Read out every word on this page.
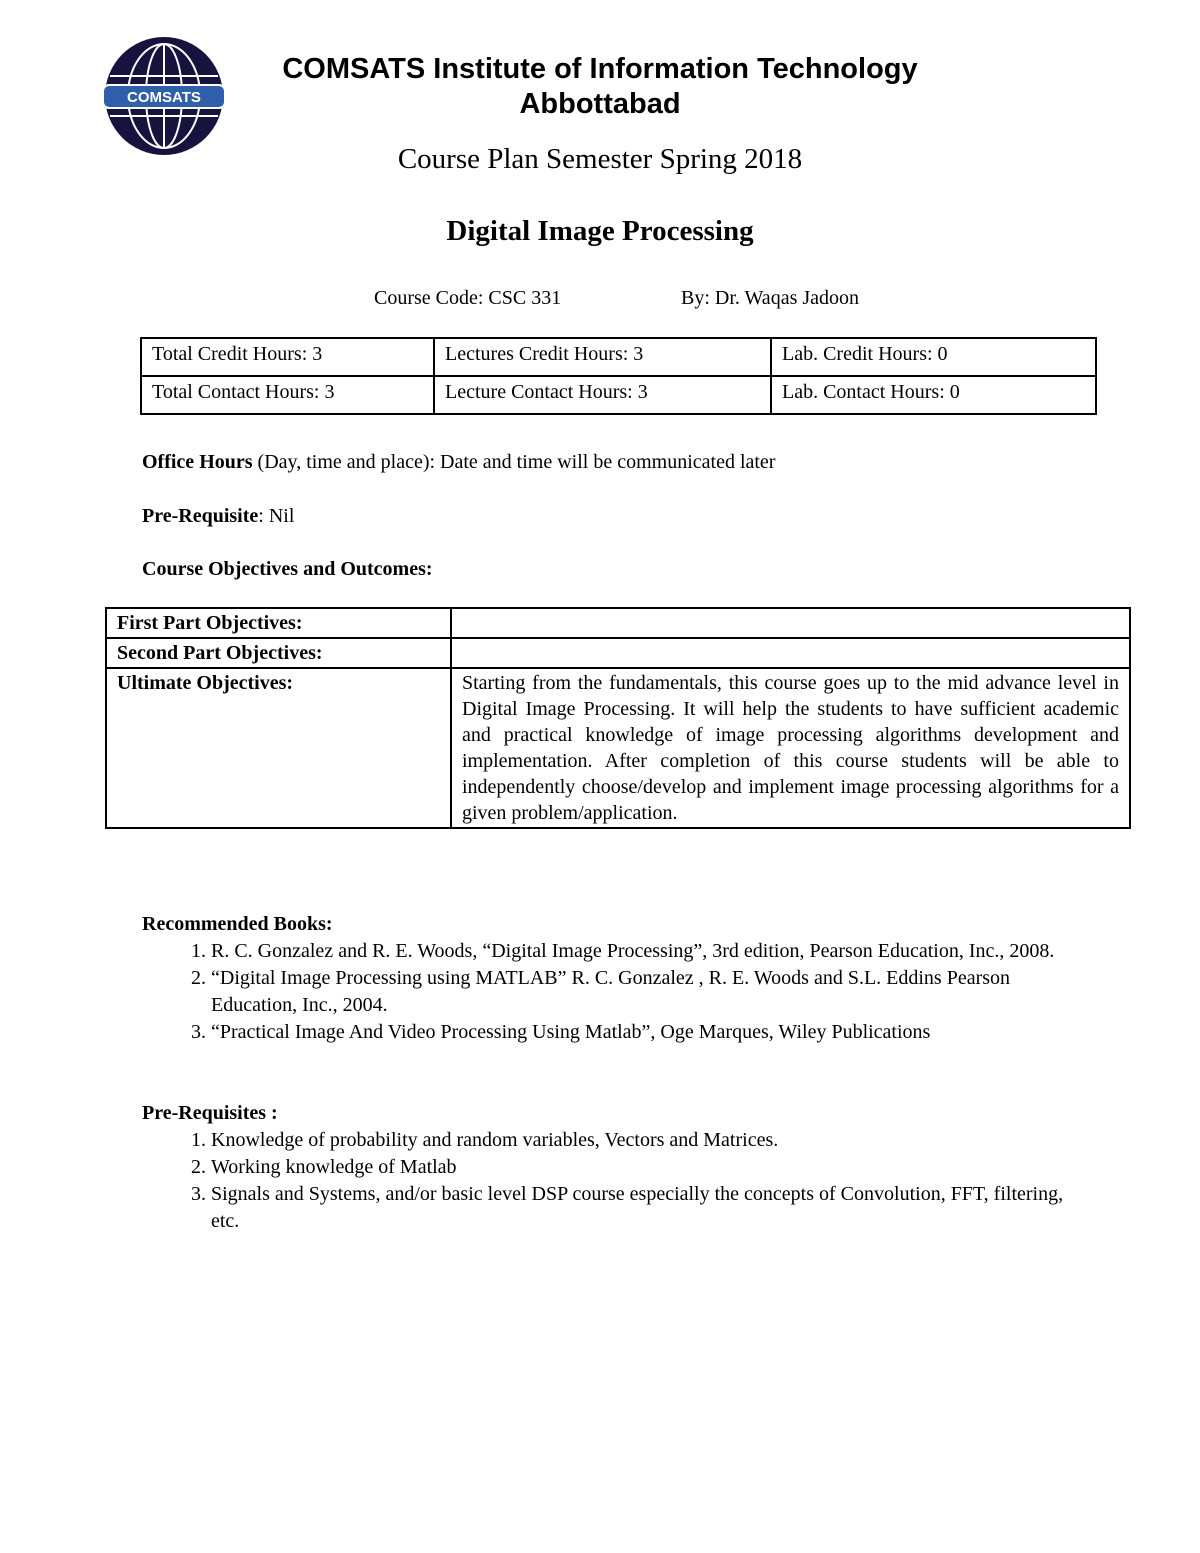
COMSATS
COMSATS Institute of Information Technology
Abbottabad
Course Plan Semester Spring 2018
Digital Image Processing
Course Code: CSC 331	By: Dr. Waqas Jadoon
Total Credit Hours: 3	Lectures Credit Hours: 3	Lab. Credit Hours: 0
Total Contact Hours: 3	Lecture Contact Hours: 3	Lab. Contact Hours: 0
Office Hours (Day, time and place): Date and time will be communicated later
Pre-Requisite: Nil
Course Objectives and Outcomes:
First Part Objectives:	
Second Part Objectives:	
Ultimate Objectives:	Starting from the fundamentals, this course goes up to the mid advance level in Digital Image Processing. It will help the students to have sufficient academic and practical knowledge of image processing algorithms development and implementation. After completion of this course students will be able to independently choose/develop and implement image processing algorithms for a given problem/application.
Recommended Books:
1. R. C. Gonzalez and R. E. Woods, “Digital Image Processing”, 3rd edition, Pearson Education, Inc., 2008.
2. “Digital Image Processing using MATLAB” R. C. Gonzalez , R. E. Woods and S.L. Eddins Pearson Education, Inc., 2004.
3. “Practical Image And Video Processing Using Matlab”, Oge Marques, Wiley Publications
Pre-Requisites :
1. Knowledge of probability and random variables, Vectors and Matrices.
2. Working knowledge of Matlab
3. Signals and Systems, and/or basic level DSP course especially the concepts of Convolution, FFT, filtering, etc.
